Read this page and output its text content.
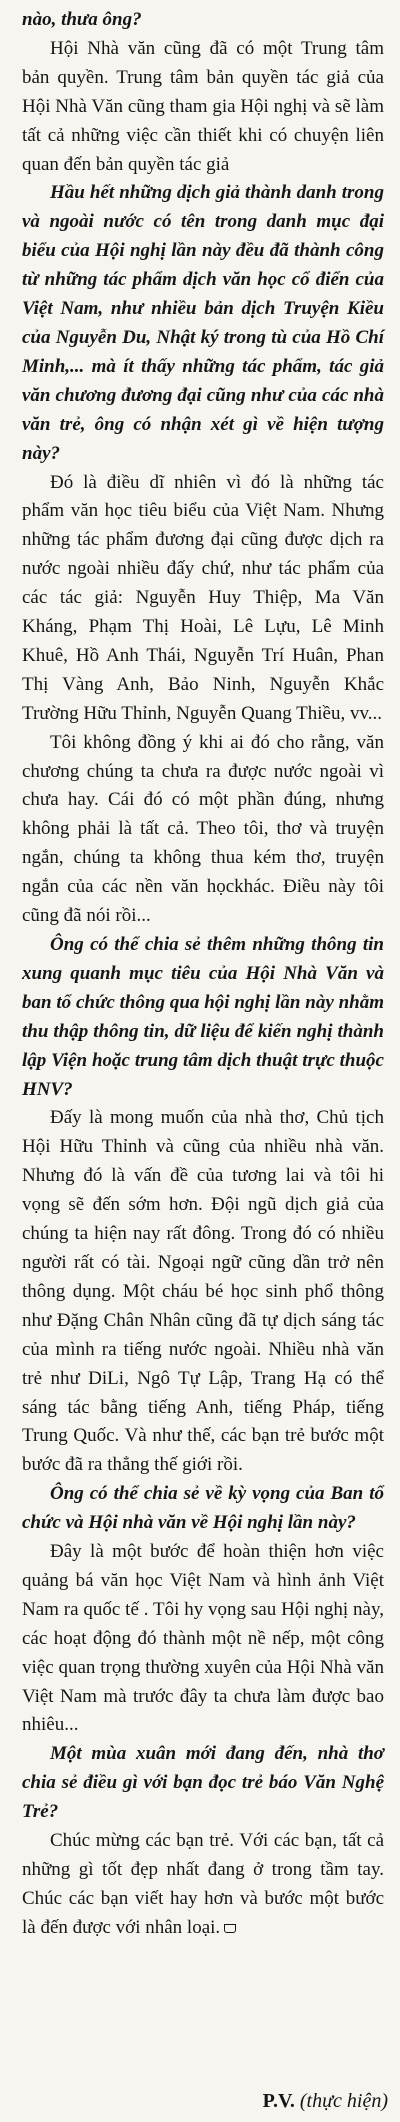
nào, thưa ông?

Hội Nhà văn cũng đã có một Trung tâm bản quyền. Trung tâm bản quyền tác giả của Hội Nhà Văn cũng tham gia Hội nghị và sẽ làm tất cả những việc cần thiết khi có chuyện liên quan đến bản quyền tác giả

Hầu hết những dịch giả thành danh trong và ngoài nước có tên trong danh mục đại biểu của Hội nghị lần này đều đã thành công từ những tác phẩm dịch văn học cổ điển của Việt Nam, như nhiều bản dịch Truyện Kiều của Nguyễn Du, Nhật ký trong tù của Hồ Chí Minh,... mà ít thấy những tác phẩm, tác giả văn chương đương đại cũng như của các nhà văn trẻ, ông có nhận xét gì về hiện tượng này?

Đó là điều dĩ nhiên vì đó là những tác phẩm văn học tiêu biểu của Việt Nam. Nhưng những tác phẩm đương đại cũng được dịch ra nước ngoài nhiều đấy chứ, như tác phẩm của các tác giả: Nguyễn Huy Thiệp, Ma Văn Kháng, Phạm Thị Hoài, Lê Lựu, Lê Minh Khuê, Hồ Anh Thái, Nguyễn Trí Huân, Phan Thị Vàng Anh, Bảo Ninh, Nguyễn Khắc Trường Hữu Thỉnh, Nguyễn Quang Thiều, vv...

Tôi không đồng ý khi ai đó cho rằng, văn chương chúng ta chưa ra được nước ngoài vì chưa hay. Cái đó có một phần đúng, nhưng không phải là tất cả. Theo tôi, thơ và truyện ngắn, chúng ta không thua kém thơ, truyện ngắn của các nền văn họckhác. Điều này tôi cũng đã nói rồi...

Ông có thể chia sẻ thêm những thông tin xung quanh mục tiêu của Hội Nhà Văn và ban tổ chức thông qua hội nghị lần này nhằm thu thập thông tin, dữ liệu để kiến nghị thành lập Viện hoặc trung tâm dịch thuật trực thuộc HNV?

Đấy là mong muốn của nhà thơ, Chủ tịch Hội Hữu Thỉnh và cũng của nhiều nhà văn. Nhưng đó là vấn đề của tương lai và tôi hi vọng sẽ đến sớm hơn. Đội ngũ dịch giả của chúng ta hiện nay rất đông. Trong đó có nhiều người rất có tài. Ngoại ngữ cũng dần trở nên thông dụng. Một cháu bé học sinh phổ thông như Đặng Chân Nhân cũng đã tự dịch sáng tác của mình ra tiếng nước ngoài. Nhiều nhà văn trẻ như DiLi, Ngô Tự Lập, Trang Hạ có thể sáng tác bằng tiếng Anh, tiếng Pháp, tiếng Trung Quốc. Và như thế, các bạn trẻ bước một bước đã ra thẳng thế giới rồi.

Ông có thể chia sẻ về kỳ vọng của Ban tổ chức và Hội nhà văn về Hội nghị lần này?

Đây là một bước để hoàn thiện hơn việc quảng bá văn học Việt Nam và hình ảnh Việt Nam ra quốc tế . Tôi hy vọng sau Hội nghị này, các hoạt động đó thành một nề nếp, một công việc quan trọng thường xuyên của Hội Nhà văn Việt Nam mà trước đây ta chưa làm được bao nhiêu...

Một mùa xuân mới đang đến, nhà thơ chia sẻ điều gì với bạn đọc trẻ báo Văn Nghệ Trẻ?

Chúc mừng các bạn trẻ. Với các bạn, tất cả những gì tốt đẹp nhất đang ở trong tầm tay. Chúc các bạn viết hay hơn và bước một bước là đến được với nhân loại.

P.V. (thực hiện)
